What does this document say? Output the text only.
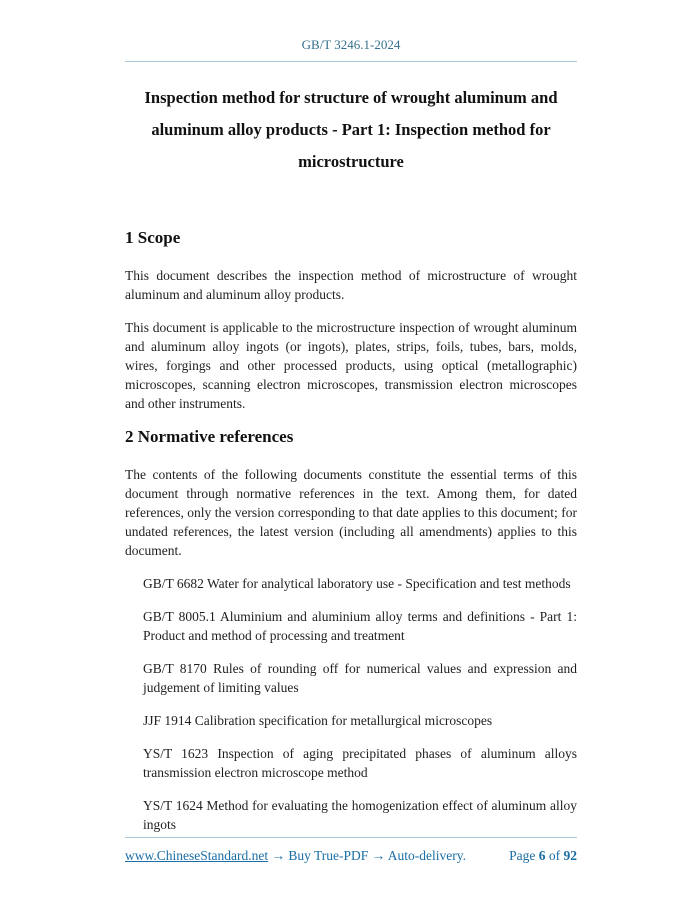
GB/T 3246.1-2024
Inspection method for structure of wrought aluminum and
aluminum alloy products - Part 1: Inspection method for
microstructure
1 Scope

This document describes the inspection method of microstructure of wrought aluminum and aluminum alloy products.

This document is applicable to the microstructure inspection of wrought aluminum and aluminum alloy ingots (or ingots), plates, strips, foils, tubes, bars, molds, wires, forgings and other processed products, using optical (metallographic) microscopes, scanning electron microscopes, transmission electron microscopes and other instruments.

2 Normative references

The contents of the following documents constitute the essential terms of this document through normative references in the text. Among them, for dated references, only the version corresponding to that date applies to this document; for undated references, the latest version (including all amendments) applies to this document.

GB/T 6682 Water for analytical laboratory use - Specification and test methods

GB/T 8005.1 Aluminium and aluminium alloy terms and definitions - Part 1: Product and method of processing and treatment

GB/T 8170 Rules of rounding off for numerical values and expression and judgement of limiting values

JJF 1914 Calibration specification for metallurgical microscopes

YS/T 1623 Inspection of aging precipitated phases of aluminum alloys transmission electron microscope method

YS/T 1624 Method for evaluating the homogenization effect of aluminum alloy ingots

www.ChineseStandard.net → Buy True-PDF → Auto-delivery.	Page 6 of 92
